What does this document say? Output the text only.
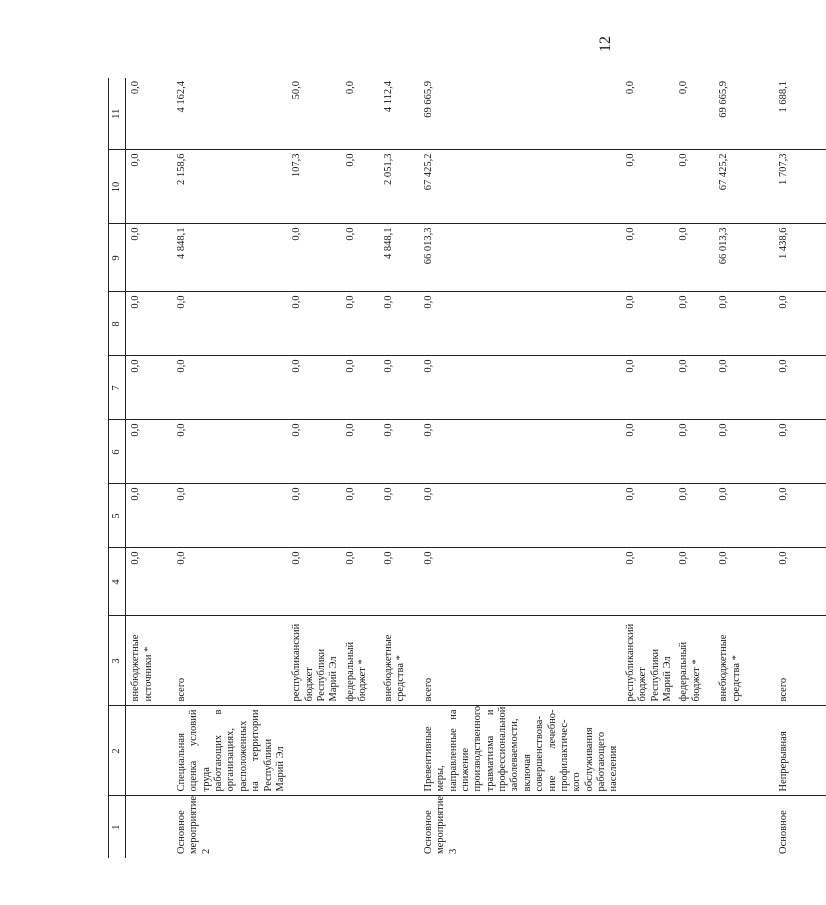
12
1	2	3	4	5	6	7	8	9	10	11
		внебюджетные источники *	0,0	0,0	0,0	0,0	0,0	0,0	0,0	0,0
Основное мероприятие 2	Специальная оценка условий труда работающих в организациях, расположенных на территории Республики Марий Эл	всего	0,0	0,0	0,0	0,0	0,0	4 848,1	2 158,6	4 162,4
		республиканский бюджет Республики Марий Эл	0,0	0,0	0,0	0,0	0,0	0,0	107,3	50,0
		федеральный бюджет *	0,0	0,0	0,0	0,0	0,0	0,0	0,0	0,0
		внебюджетные средства *	0,0	0,0	0,0	0,0	0,0	4 848,1	2 051,3	4 112,4
Основное мероприятие 3	Превентивные меры, направленные на снижение производственного травматизма и профессиональной заболеваемости, включая совершенствова-ние лечебно-профилактичес-кого обслуживания работающего населения	всего	0,0	0,0	0,0	0,0	0,0	66 013,3	67 425,2	69 665,9
		республиканский бюджет Республики Марий Эл	0,0	0,0	0,0	0,0	0,0	0,0	0,0	0,0
		федеральный бюджет *	0,0	0,0	0,0	0,0	0,0	0,0	0,0	0,0
		внебюджетные средства *	0,0	0,0	0,0	0,0	0,0	66 013,3	67 425,2	69 665,9
Основное	Непрерывная	всего	0,0	0,0	0,0	0,0	0,0	1 438,6	1 707,3	1 688,1
